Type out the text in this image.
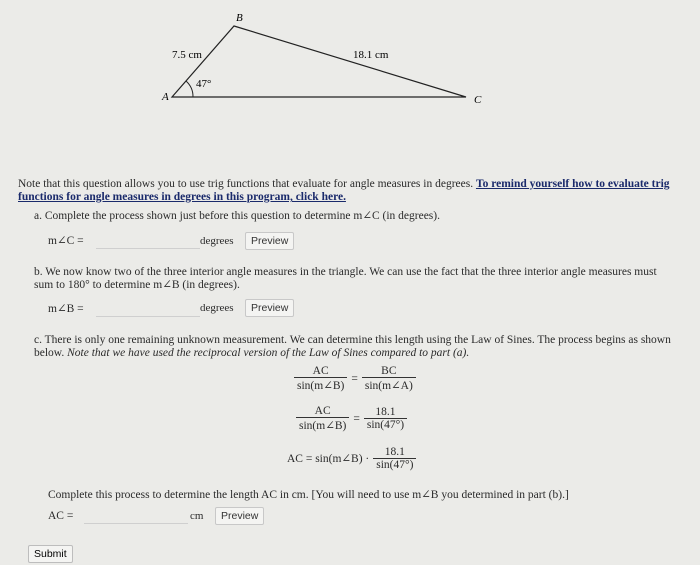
A
B
C
7.5 cm	18.1 cm
47°
Note that this question allows you to use trig functions that evaluate for angle measures in degrees. To remind yourself how to evaluate trig functions for angle measures in degrees in this program, click here.
a. Complete the process shown just before this question to determine m∠C (in degrees).
m∠C =	degrees	Preview
b. We now know two of the three interior angle measures in the triangle. We can use the fact that the three interior angle measures must sum to 180° to determine m∠B (in degrees).
m∠B =	degrees	Preview
c. There is only one remaining unknown measurement. We can determine this length using the Law of Sines. The process begins as shown below. Note that we have used the reciprocal version of the Law of Sines compared to part (a).
$\frac{AC}{\sin(m\angle B)} = \frac{BC}{\sin(m\angle A)}$
$\frac{AC}{\sin(m\angle B)} = \frac{18.1}{\sin(47^\circ)}$
AC = sin(m∠B) · $\frac{18.1}{\sin(47^\circ)}$
Complete this process to determine the length AC in cm. [You will need to use m∠B you determined in part (b).]
AC =	cm	Preview
Submit
